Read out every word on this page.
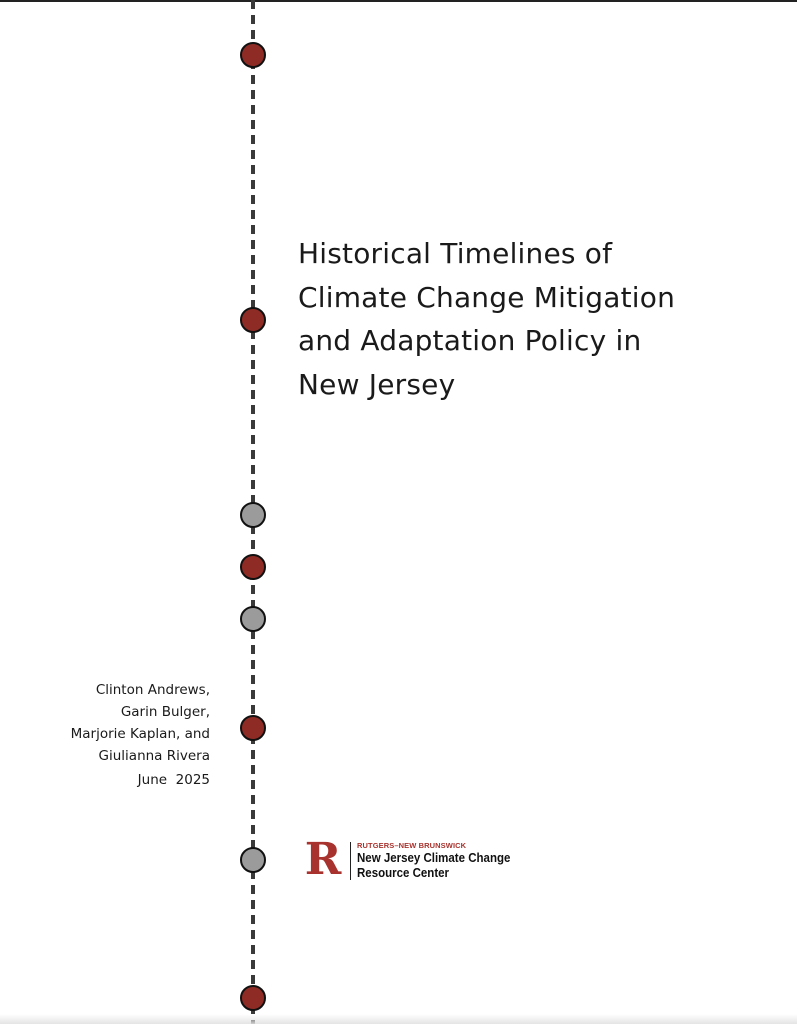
Historical Timelines of
Climate Change Mitigation
and Adaptation Policy in
New Jersey
Clinton Andrews,
Garin Bulger,
Marjorie Kaplan, and
Giulianna Rivera
June  2025
R RUTGERS–NEW BRUNSWICK
New Jersey Climate Change
Resource Center
